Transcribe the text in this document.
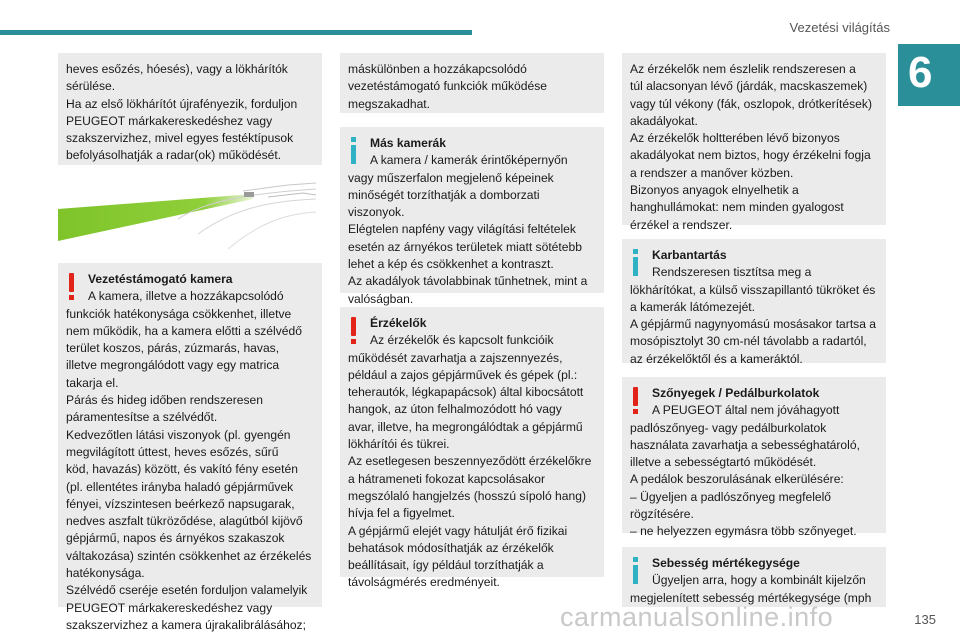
Vezetési világítás
6

heves esőzés, hóesés), vagy a lökhárítók
sérülése.
Ha az első lökhárítót újrafényezik, forduljon
PEUGEOT márkakereskedéshez vagy
szakszervizhez, mivel egyes festéktípusok
befolyásolhatják a radar(ok) működését.

Vezetéstámogató kamera

A kamera, illetve a hozzákapcsolódó

funkciók hatékonysága csökkenhet, illetve
nem működik, ha a kamera előtti a szélvédő
terület koszos, párás, zúzmarás, havas,
illetve megrongálódott vagy egy matrica
takarja el.
Párás és hideg időben rendszeresen
páramentesítse a szélvédőt.
Kedvezőtlen látási viszonyok (pl. gyengén
megvilágított úttest, heves esőzés, sűrű
köd, havazás) között, és vakító fény esetén
(pl. ellentétes irányba haladó gépjárművek
fényei, vízszintesen beérkező napsugarak,
nedves aszfalt tükröződése, alagútból kijövő
gépjármű, napos és árnyékos szakaszok
váltakozása) szintén csökkenhet az érzékelés
hatékonysága.
Szélvédő cseréje esetén forduljon valamelyik
PEUGEOT márkakereskedéshez vagy
szakszervizhez a kamera újrakalibrálásához;

máskülönben a hozzákapcsolódó
vezetéstámogató funkciók működése
megszakadhat.

Más kamerák

A kamera / kamerák érintőképernyőn

vagy műszerfalon megjelenő képeinek
minőségét torzíthatják a domborzati
viszonyok.
Elégtelen napfény vagy világítási feltételek
esetén az árnyékos területek miatt sötétebb
lehet a kép és csökkenhet a kontraszt.
Az akadályok távolabbinak tűnhetnek, mint a
valóságban.

Érzékelők

Az érzékelők és kapcsolt funkcióik

működését zavarhatja a zajszennyezés,
például a zajos gépjárművek és gépek (pl.:
teherautók, légkapapácsok) által kibocsátott
hangok, az úton felhalmozódott hó vagy
avar, illetve, ha megrongálódtak a gépjármű
lökhárítói és tükrei.
Az esetlegesen beszennyeződött érzékelőkre
a hátrameneti fokozat kapcsolásakor
megszólaló hangjelzés (hosszú sípoló hang)
hívja fel a figyelmet.
A gépjármű elejét vagy hátulját érő fizikai
behatások módosíthatják az érzékelők
beállításait, így például torzíthatják a
távolságmérés eredményeit.

Az érzékelők nem észlelik rendszeresen a
túl alacsonyan lévő (járdák, macskaszemek)
vagy túl vékony (fák, oszlopok, drótkerítések)
akadályokat.
Az érzékelők holtterében lévő bizonyos
akadályokat nem biztos, hogy érzékelni fogja
a rendszer a manőver közben.
Bizonyos anyagok elnyelhetik a
hanghullámokat: nem minden gyalogost
érzékel a rendszer.

Karbantartás

Rendszeresen tisztítsa meg a

lökhárítókat, a külső visszapillantó tükröket és
a kamerák látómezejét.
A gépjármű nagynyomású mosásakor tartsa a
mosópisztolyt 30 cm-nél távolabb a radartól,
az érzékelőktől és a kameráktól.

Szőnyegek / Pedálburkolatok

A PEUGEOT által nem jóváhagyott

padlószőnyeg- vagy pedálburkolatok
használata zavarhatja a sebességhatároló,
illetve a sebességtartó működését.
A pedálok beszorulásának elkerülésére:
– Ügyeljen a padlószőnyeg megfelelő
rögzítésére.
– ne helyezzen egymásra több szőnyeget.

Sebesség mértékegysége

Ügyeljen arra, hogy a kombinált kijelzőn

megjelenített sebesség mértékegysége (mph

carmanualsonline.info	135
